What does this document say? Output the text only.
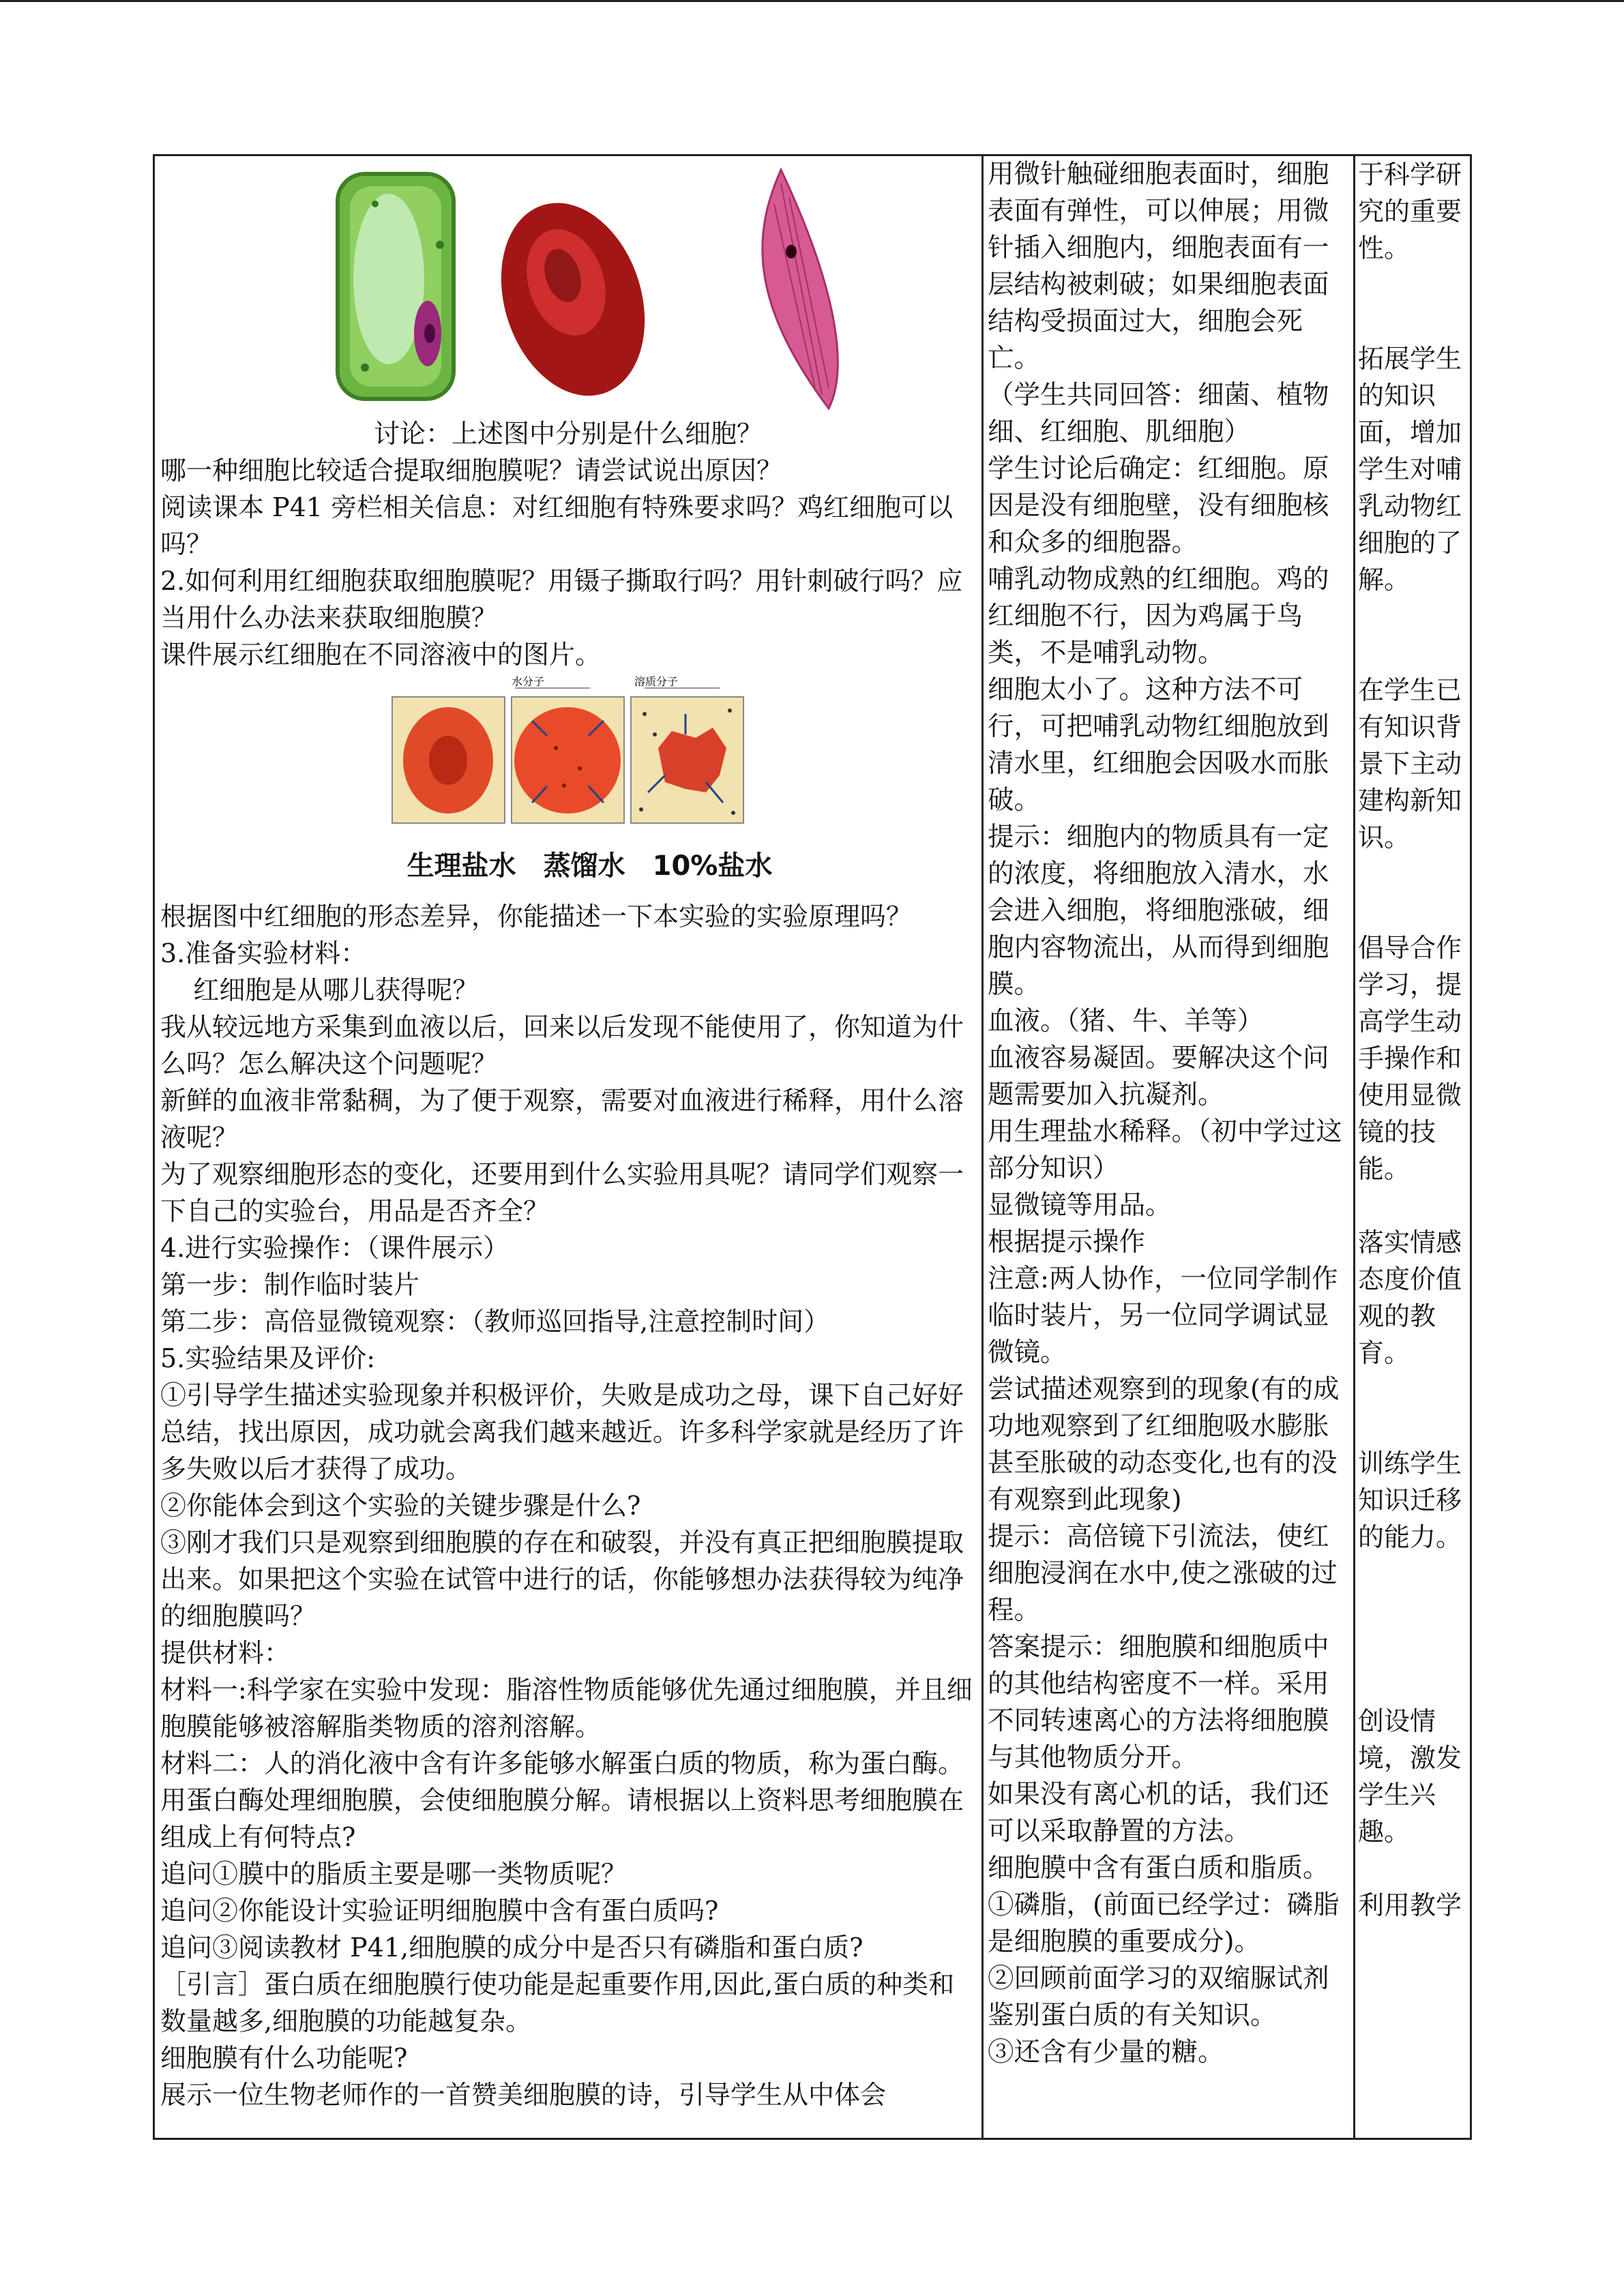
讨论：上述图中分别是什么细胞？

哪一种细胞比较适合提取细胞膜呢？请尝试说出原因？

阅读课本 P41 旁栏相关信息：对红细胞有特殊要求吗？鸡红细胞可以吗？

2.如何利用红细胞获取细胞膜呢？用镊子撕取行吗？用针刺破行吗？应当用什么办法来获取细胞膜？

课件展示红细胞在不同溶液中的图片。

水分子	溶质分子
生理盐水 蒸馏水 10%盐水

根据图中红细胞的形态差异，你能描述一下本实验的实验原理吗？

3.准备实验材料：

红细胞是从哪儿获得呢？

我从较远地方采集到血液以后，回来以后发现不能使用了，你知道为什么吗？怎么解决这个问题呢？

新鲜的血液非常黏稠，为了便于观察，需要对血液进行稀释，用什么溶液呢？

为了观察细胞形态的变化，还要用到什么实验用具呢？请同学们观察一下自己的实验台，用品是否齐全？

4.进行实验操作：（课件展示）

第一步：制作临时装片

第二步：高倍显微镜观察：（教师巡回指导,注意控制时间）

5.实验结果及评价:

①引导学生描述实验现象并积极评价，失败是成功之母，课下自己好好总结，找出原因，成功就会离我们越来越近。许多科学家就是经历了许多失败以后才获得了成功。

②你能体会到这个实验的关键步骤是什么?

③刚才我们只是观察到细胞膜的存在和破裂，并没有真正把细胞膜提取出来。如果把这个实验在试管中进行的话，你能够想办法获得较为纯净的细胞膜吗？

提供材料：

材料一:科学家在实验中发现：脂溶性物质能够优先通过细胞膜，并且细胞膜能够被溶解脂类物质的溶剂溶解。

材料二：人的消化液中含有许多能够水解蛋白质的物质，称为蛋白酶。用蛋白酶处理细胞膜，会使细胞膜分解。请根据以上资料思考细胞膜在组成上有何特点?

追问①膜中的脂质主要是哪一类物质呢？

追问②你能设计实验证明细胞膜中含有蛋白质吗?

追问③阅读教材 P41,细胞膜的成分中是否只有磷脂和蛋白质?

［引言］蛋白质在细胞膜行使功能是起重要作用,因此,蛋白质的种类和数量越多,细胞膜的功能越复杂。

细胞膜有什么功能呢?

展示一位生物老师作的一首赞美细胞膜的诗，引导学生从中体会

用微针触碰细胞表面时，细胞表面有弹性，可以伸展；用微针插入细胞内，细胞表面有一层结构被刺破；如果细胞表面结构受损面过大，细胞会死亡。

（学生共同回答：细菌、植物细、红细胞、肌细胞）

学生讨论后确定：红细胞。原因是没有细胞壁，没有细胞核和众多的细胞器。

哺乳动物成熟的红细胞。鸡的红细胞不行，因为鸡属于鸟类，不是哺乳动物。

细胞太小了。这种方法不可行，可把哺乳动物红细胞放到清水里，红细胞会因吸水而胀破。

提示：细胞内的物质具有一定的浓度，将细胞放入清水，水会进入细胞，将细胞涨破，细胞内容物流出，从而得到细胞膜。

血液。（猪、牛、羊等）

血液容易凝固。要解决这个问题需要加入抗凝剂。

用生理盐水稀释。（初中学过这部分知识）

显微镜等用品。

根据提示操作

注意:两人协作，一位同学制作临时装片，另一位同学调试显微镜。

尝试描述观察到的现象(有的成功地观察到了红细胞吸水膨胀甚至胀破的动态变化,也有的没有观察到此现象)

提示：高倍镜下引流法，使红细胞浸润在水中,使之涨破的过程。

答案提示：细胞膜和细胞质中的其他结构密度不一样。采用不同转速离心的方法将细胞膜与其他物质分开。

如果没有离心机的话，我们还可以采取静置的方法。

细胞膜中含有蛋白质和脂质。

①磷脂，(前面已经学过：磷脂是细胞膜的重要成分)。

②回顾前面学习的双缩脲试剂鉴别蛋白质的有关知识。

③还含有少量的糖。

于科学研究的重要性。

拓展学生的知识面，增加学生对哺乳动物红细胞的了解。

在学生已有知识背景下主动建构新知识。

倡导合作学习，提高学生动手操作和使用显微镜的技能。

落实情感态度价值观的教育。

训练学生知识迁移的能力。

创设情境，激发学生兴趣。

利用教学
